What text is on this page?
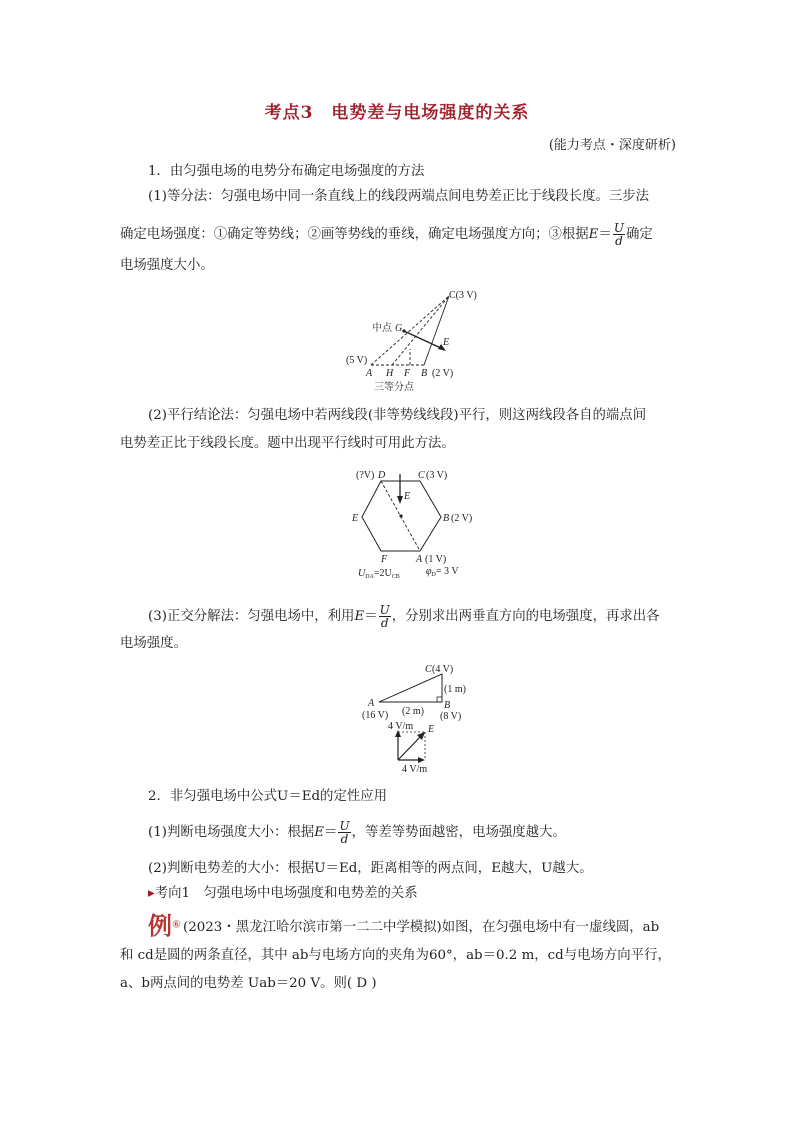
考点3　电势差与电场强度的关系
(能力考点・深度研析)
1．由匀强电场的电势分布确定电场强度的方法
(1)等分法：匀强电场中同一条直线上的线段两端点间电势差正比于线段长度。三步法
确定电场强度：①确定等势线；②画等势线的垂线，确定电场强度方向；③根据$E= \frac{U}{d}$ 确定
电场强度大小。
C(3 V)
中点 G
E
(5 V)
A H F B (2 V)
三等分点
(2)平行结论法：匀强电场中若两线段(非等势线线段)平行，则这两线段各自的端点间
电势差正比于线段长度。题中出现平行线时可用此方法。
(?V) D	C (3 V)
E
E	B (2 V)
F	A (1 V)
$U_{DA}=2U_{CB}$	$\varphi_D= 3$ V
(3)正交分解法：匀强电场中，利用$E= \frac{U}{d}$ ，分别求出两垂直方向的电场强度，再求出各
电场强度。
C (4 V)
(1 m)
A	B
(2 m)
(16 V)	(8 V)
4 V/m E
4 V/m
2．非匀强电场中公式U＝Ed的定性应用
(1)判断电场强度大小：根据$E= \frac{U}{d}$ ，等差等势面越密，电场强度越大。
(2)判断电势差的大小：根据U＝Ed，距离相等的两点间，E越大，U越大。
▸考向1　匀强电场中电场强度和电势差的关系
例⑥ (2023・黑龙江哈尔滨市第一二二中学模拟)如图，在匀强电场中有一虚线圆，ab
和 cd是圆的两条直径，其中 ab与电场方向的夹角为60°，ab＝0.2 m，cd与电场方向平行，
a、b两点间的电势差 Uab＝20 V。则( D )
